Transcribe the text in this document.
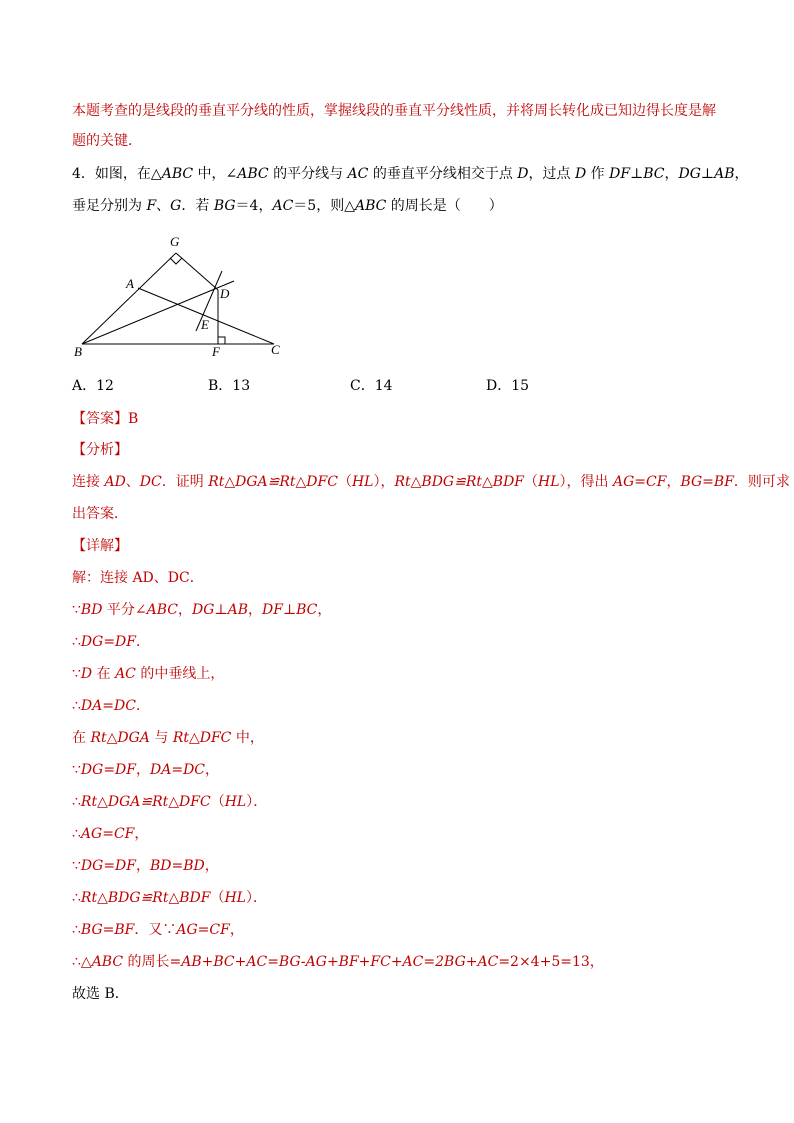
本题考查的是线段的垂直平分线的性质，掌握线段的垂直平分线性质，并将周长转化成已知边得长度是解
题的关键．
4．如图，在△ABC 中，∠ABC 的平分线与 AC 的垂直平分线相交于点 D，过点 D 作 DF⊥BC，DG⊥AB，
垂足分别为 F、G．若 BG＝4，AC＝5，则△ABC 的周长是（　　）
G
A
D
E
B	F	C
A．12	B．13	C．14	D．15
【答案】B
【分析】
连接 AD、DC．证明 Rt△DGA≌Rt△DFC（HL），Rt△BDG≌Rt△BDF（HL），得出 AG=CF，BG=BF．则可求
出答案．
【详解】
解：连接 AD、DC．
∵BD 平分∠ABC，DG⊥AB，DF⊥BC，
∴DG=DF．
∵D 在 AC 的中垂线上，
∴DA=DC．
在 Rt△DGA 与 Rt△DFC 中，
∵DG=DF，DA=DC，
∴Rt△DGA≌Rt△DFC（HL）．
∴AG=CF，
∵DG=DF，BD=BD，
∴Rt△BDG≌Rt△BDF（HL）．
∴BG=BF．又∵AG=CF，
∴△ABC 的周长=AB+BC+AC=BG-AG+BF+FC+AC=2BG+AC=2×4+5=13，
故选 B．
